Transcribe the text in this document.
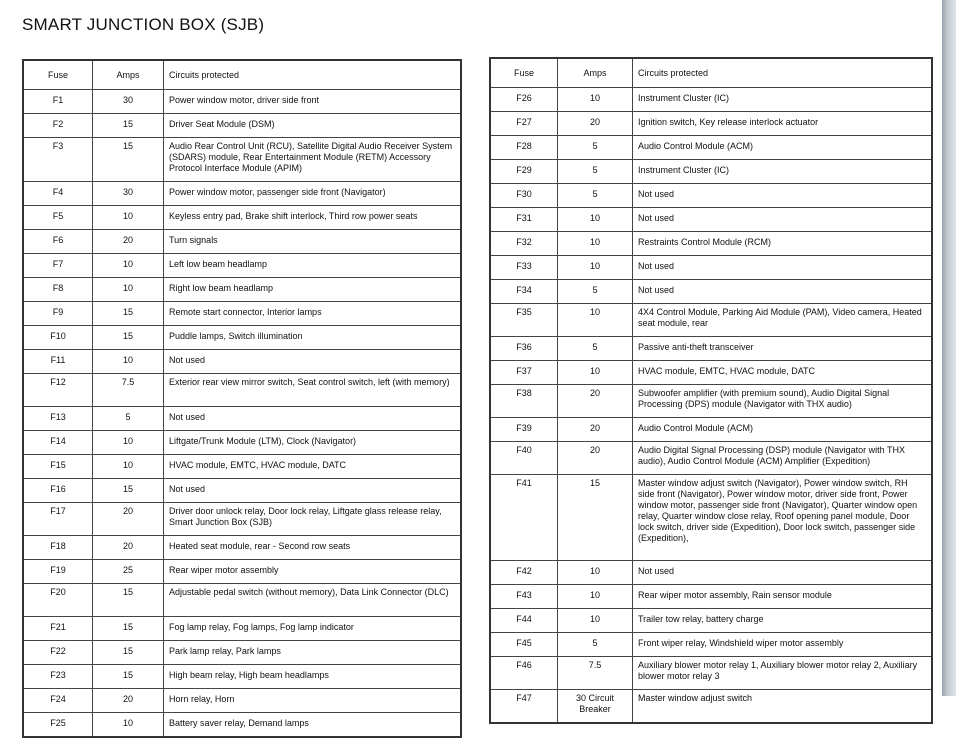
SMART JUNCTION BOX (SJB)
Fuse	Amps	Circuits protected
F1	30	Power window motor, driver side front
F2	15	Driver Seat Module (DSM)
F3	15	Audio Rear Control Unit (RCU), Satellite Digital Audio Receiver System (SDARS) module, Rear Entertainment Module (RETM) Accessory Protocol Interface Module (APIM)
F4	30	Power window motor, passenger side front (Navigator)
F5	10	Keyless entry pad, Brake shift interlock, Third row power seats
F6	20	Turn signals
F7	10	Left low beam headlamp
F8	10	Right low beam headlamp
F9	15	Remote start connector, Interior lamps
F10	15	Puddle lamps, Switch illumination
F11	10	Not used
F12	7.5	Exterior rear view mirror switch, Seat control switch, left (with memory)
F13	5	Not used
F14	10	Liftgate/Trunk Module (LTM), Clock (Navigator)
F15	10	HVAC module, EMTC, HVAC module, DATC
F16	15	Not used
F17	20	Driver door unlock relay, Door lock relay, Liftgate glass release relay, Smart Junction Box (SJB)
F18	20	Heated seat module, rear - Second row seats
F19	25	Rear wiper motor assembly
F20	15	Adjustable pedal switch (without memory), Data Link Connector (DLC)
F21	15	Fog lamp relay, Fog lamps, Fog lamp indicator
F22	15	Park lamp relay, Park lamps
F23	15	High beam relay, High beam headlamps
F24	20	Horn relay, Horn
F25	10	Battery saver relay, Demand lamps
Fuse	Amps	Circuits protected
F26	10	Instrument Cluster (IC)
F27	20	Ignition switch, Key release interlock actuator
F28	5	Audio Control Module (ACM)
F29	5	Instrument Cluster (IC)
F30	5	Not used
F31	10	Not used
F32	10	Restraints Control Module (RCM)
F33	10	Not used
F34	5	Not used
F35	10	4X4 Control Module, Parking Aid Module (PAM), Video camera, Heated seat module, rear
F36	5	Passive anti-theft transceiver
F37	10	HVAC module, EMTC, HVAC module, DATC
F38	20	Subwoofer amplifier (with premium sound), Audio Digital Signal Processing (DPS) module (Navigator with THX audio)
F39	20	Audio Control Module (ACM)
F40	20	Audio Digital Signal Processing (DSP) module (Navigator with THX audio), Audio Control Module (ACM) Amplifier (Expedition)
F41	15	Master window adjust switch (Navigator), Power window switch, RH side front (Navigator), Power window motor, driver side front, Power window motor, passenger side front (Navigator), Quarter window open relay, Quarter window close relay, Roof opening panel module, Door lock switch, driver side (Expedition), Door lock switch, passenger side (Expedition),
F42	10	Not used
F43	10	Rear wiper motor assembly, Rain sensor module
F44	10	Trailer tow relay, battery charge
F45	5	Front wiper relay, Windshield wiper motor assembly
F46	7.5	Auxiliary blower motor relay 1, Auxiliary blower motor relay 2, Auxiliary blower motor relay 3
F47	30 Circuit Breaker	Master window adjust switch
